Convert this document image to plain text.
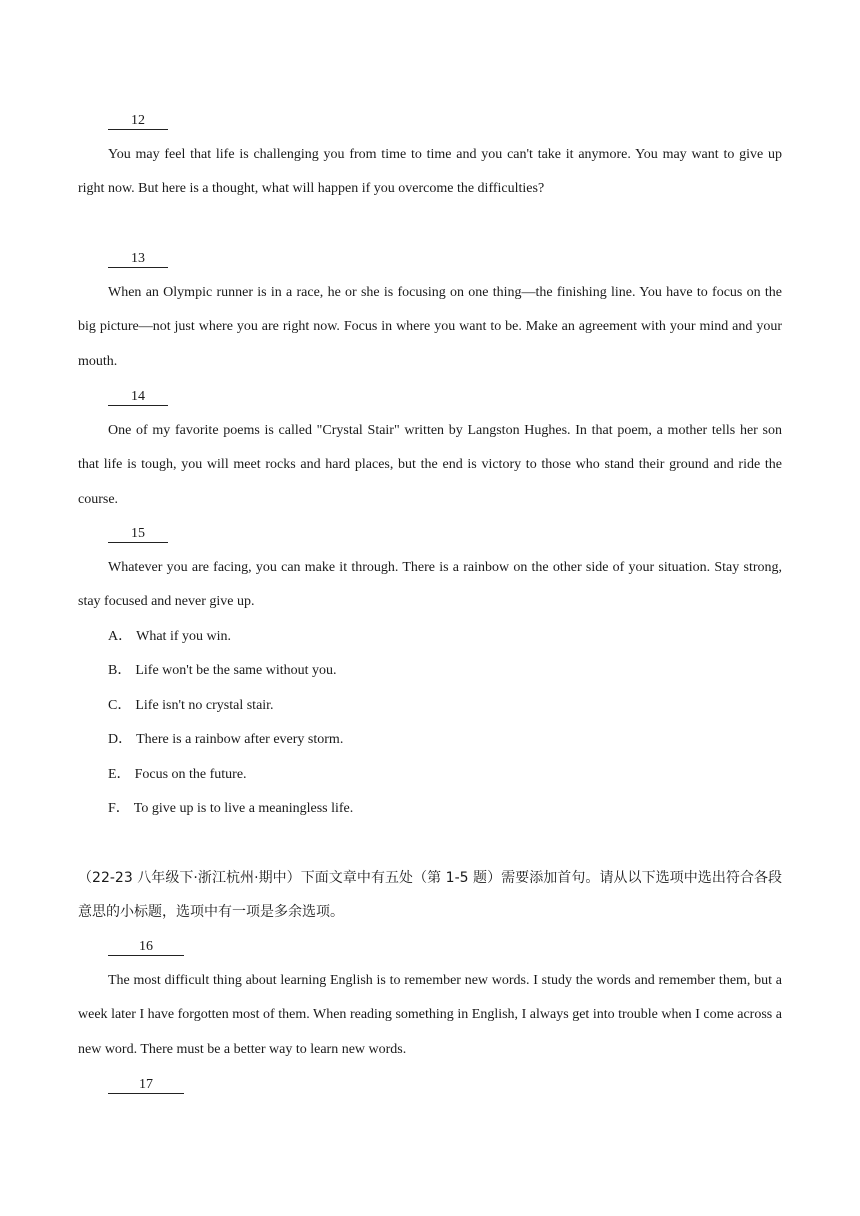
12

You may feel that life is challenging you from time to time and you can't take it anymore. You may want to give up right now. But here is a thought, what will happen if you overcome the difficulties?

13

When an Olympic runner is in a race, he or she is focusing on one thing—the finishing line. You have to focus on the big picture—not just where you are right now. Focus in where you want to be. Make an agreement with your mind and your mouth.

14

One of my favorite poems is called "Crystal Stair" written by Langston Hughes. In that poem, a mother tells her son that life is tough, you will meet rocks and hard places, but the end is victory to those who stand their ground and ride the course.

15

Whatever you are facing, you can make it through. There is a rainbow on the other side of your situation. Stay strong, stay focused and never give up.

A． What if you win.
B． Life won't be the same without you.
C． Life isn't no crystal stair.
D． There is a rainbow after every storm.
E． Focus on the future.
F． To give up is to live a meaningless life.

（22-23 八年级下·浙江杭州·期中）下面文章中有五处（第 1-5 题）需要添加首句。请从以下选项中选出符合各段意思的小标题，选项中有一项是多余选项。

16

The most difficult thing about learning English is to remember new words. I study the words and remember them, but a week later I have forgotten most of them. When reading something in English, I always get into trouble when I come across a new word. There must be a better way to learn new words.

17
